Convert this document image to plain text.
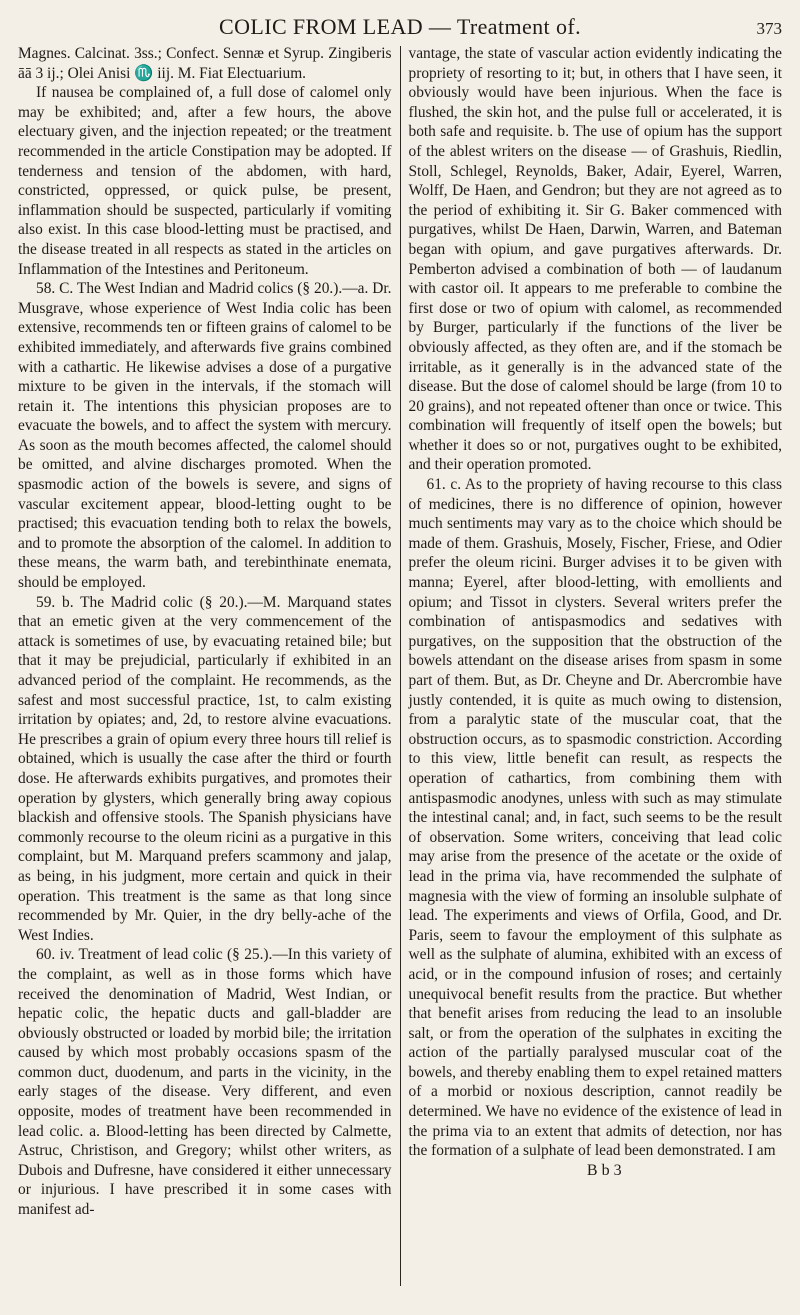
COLIC FROM LEAD — Treatment of.	373

Magnes. Calcinat. 3ss.; Confect. Sennæ et Syrup. Zingiberis āā 3 ij.; Olei Anisi ♏ iij. M. Fiat Electuarium.

If nausea be complained of, a full dose of calomel only may be exhibited; and, after a few hours, the above electuary given, and the injection repeated; or the treatment recommended in the article Constipation may be adopted. If tenderness and tension of the abdomen, with hard, constricted, oppressed, or quick pulse, be present, inflammation should be suspected, particularly if vomiting also exist. In this case blood-letting must be practised, and the disease treated in all respects as stated in the articles on Inflammation of the Intestines and Peritoneum.

58. C. The West Indian and Madrid colics (§ 20.).—a. Dr. Musgrave, whose experience of West India colic has been extensive, recommends ten or fifteen grains of calomel to be exhibited immediately, and afterwards five grains combined with a cathartic. He likewise advises a dose of a purgative mixture to be given in the intervals, if the stomach will retain it. The intentions this physician proposes are to evacuate the bowels, and to affect the system with mercury. As soon as the mouth becomes affected, the calomel should be omitted, and alvine discharges promoted. When the spasmodic action of the bowels is severe, and signs of vascular excitement appear, blood-letting ought to be practised; this evacuation tending both to relax the bowels, and to promote the absorption of the calomel. In addition to these means, the warm bath, and terebinthinate enemata, should be employed.

59. b. The Madrid colic (§ 20.).—M. Marquand states that an emetic given at the very commencement of the attack is sometimes of use, by evacuating retained bile; but that it may be prejudicial, particularly if exhibited in an advanced period of the complaint. He recommends, as the safest and most successful practice, 1st, to calm existing irritation by opiates; and, 2d, to restore alvine evacuations. He prescribes a grain of opium every three hours till relief is obtained, which is usually the case after the third or fourth dose. He afterwards exhibits purgatives, and promotes their operation by glysters, which generally bring away copious blackish and offensive stools. The Spanish physicians have commonly recourse to the oleum ricini as a purgative in this complaint, but M. Marquand prefers scammony and jalap, as being, in his judgment, more certain and quick in their operation. This treatment is the same as that long since recommended by Mr. Quier, in the dry belly-ache of the West Indies.

60. iv. Treatment of lead colic (§ 25.).—In this variety of the complaint, as well as in those forms which have received the denomination of Madrid, West Indian, or hepatic colic, the hepatic ducts and gall-bladder are obviously obstructed or loaded by morbid bile; the irritation caused by which most probably occasions spasm of the common duct, duodenum, and parts in the vicinity, in the early stages of the disease. Very different, and even opposite, modes of treatment have been recommended in lead colic. a. Blood-letting has been directed by Calmette, Astruc, Christison, and Gregory; whilst other writers, as Dubois and Dufresne, have considered it either unnecessary or injurious. I have prescribed it in some cases with manifest ad-

vantage, the state of vascular action evidently indicating the propriety of resorting to it; but, in others that I have seen, it obviously would have been injurious. When the face is flushed, the skin hot, and the pulse full or accelerated, it is both safe and requisite. b. The use of opium has the support of the ablest writers on the disease — of Grashuis, Riedlin, Stoll, Schlegel, Reynolds, Baker, Adair, Eyerel, Warren, Wolff, De Haen, and Gendron; but they are not agreed as to the period of exhibiting it. Sir G. Baker commenced with purgatives, whilst De Haen, Darwin, Warren, and Bateman began with opium, and gave purgatives afterwards. Dr. Pemberton advised a combination of both — of laudanum with castor oil. It appears to me preferable to combine the first dose or two of opium with calomel, as recommended by Burger, particularly if the functions of the liver be obviously affected, as they often are, and if the stomach be irritable, as it generally is in the advanced state of the disease. But the dose of calomel should be large (from 10 to 20 grains), and not repeated oftener than once or twice. This combination will frequently of itself open the bowels; but whether it does so or not, purgatives ought to be exhibited, and their operation promoted.

61. c. As to the propriety of having recourse to this class of medicines, there is no difference of opinion, however much sentiments may vary as to the choice which should be made of them. Grashuis, Mosely, Fischer, Friese, and Odier prefer the oleum ricini. Burger advises it to be given with manna; Eyerel, after blood-letting, with emollients and opium; and Tissot in clysters. Several writers prefer the combination of antispasmodics and sedatives with purgatives, on the supposition that the obstruction of the bowels attendant on the disease arises from spasm in some part of them. But, as Dr. Cheyne and Dr. Abercrombie have justly contended, it is quite as much owing to distension, from a paralytic state of the muscular coat, that the obstruction occurs, as to spasmodic constriction. According to this view, little benefit can result, as respects the operation of cathartics, from combining them with antispasmodic anodynes, unless with such as may stimulate the intestinal canal; and, in fact, such seems to be the result of observation. Some writers, conceiving that lead colic may arise from the presence of the acetate or the oxide of lead in the prima via, have recommended the sulphate of magnesia with the view of forming an insoluble sulphate of lead. The experiments and views of Orfila, Good, and Dr. Paris, seem to favour the employment of this sulphate as well as the sulphate of alumina, exhibited with an excess of acid, or in the compound infusion of roses; and certainly unequivocal benefit results from the practice. But whether that benefit arises from reducing the lead to an insoluble salt, or from the operation of the sulphates in exciting the action of the partially paralysed muscular coat of the bowels, and thereby enabling them to expel retained matters of a morbid or noxious description, cannot readily be determined. We have no evidence of the existence of lead in the prima via to an extent that admits of detection, nor has the formation of a sulphate of lead been demonstrated. I am

B b 3
